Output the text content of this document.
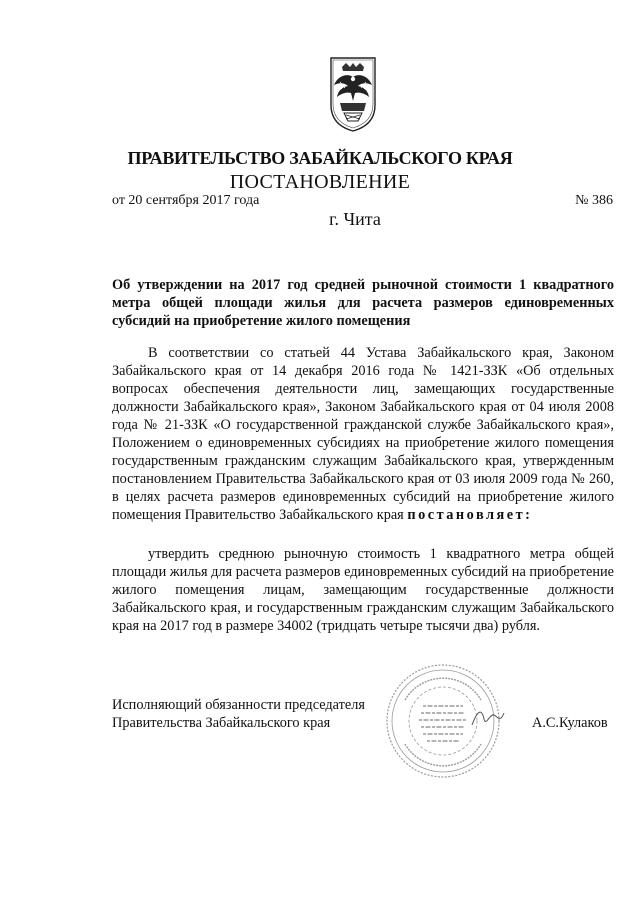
ПРАВИТЕЛЬСТВО ЗАБАЙКАЛЬСКОГО КРАЯ
ПОСТАНОВЛЕНИЕ
от 20 сентября 2017 года	№ 386
г. Чита
Об утверждении на 2017 год средней рыночной стоимости 1 квадратного метра общей площади жилья для расчета размеров единовременных субсидий на приобретение жилого помещения
В соответствии со статьей 44 Устава Забайкальского края, Законом Забайкальского края от 14 декабря 2016 года № 1421-ЗЗК «Об отдельных вопросах обеспечения деятельности лиц, замещающих государственные должности Забайкальского края», Законом Забайкальского края от 04 июля 2008 года № 21-ЗЗК «О государственной гражданской службе Забайкальского края», Положением о единовременных субсидиях на приобретение жилого помещения государственным гражданским служащим Забайкальского края, утвержденным постановлением Правительства Забайкальского края от 03 июля 2009 года № 260, в целях расчета размеров единовременных субсидий на приобретение жилого помещения Правительство Забайкальского края постановляет:
утвердить среднюю рыночную стоимость 1 квадратного метра общей площади жилья для расчета размеров единовременных субсидий на приобретение жилого помещения лицам, замещающим государственные должности Забайкальского края, и государственным гражданским служащим Забайкальского края на 2017 год в размере 34002 (тридцать четыре тысячи два) рубля.
Исполняющий обязанности председателя
Правительства Забайкальского края	А.С.Кулаков
